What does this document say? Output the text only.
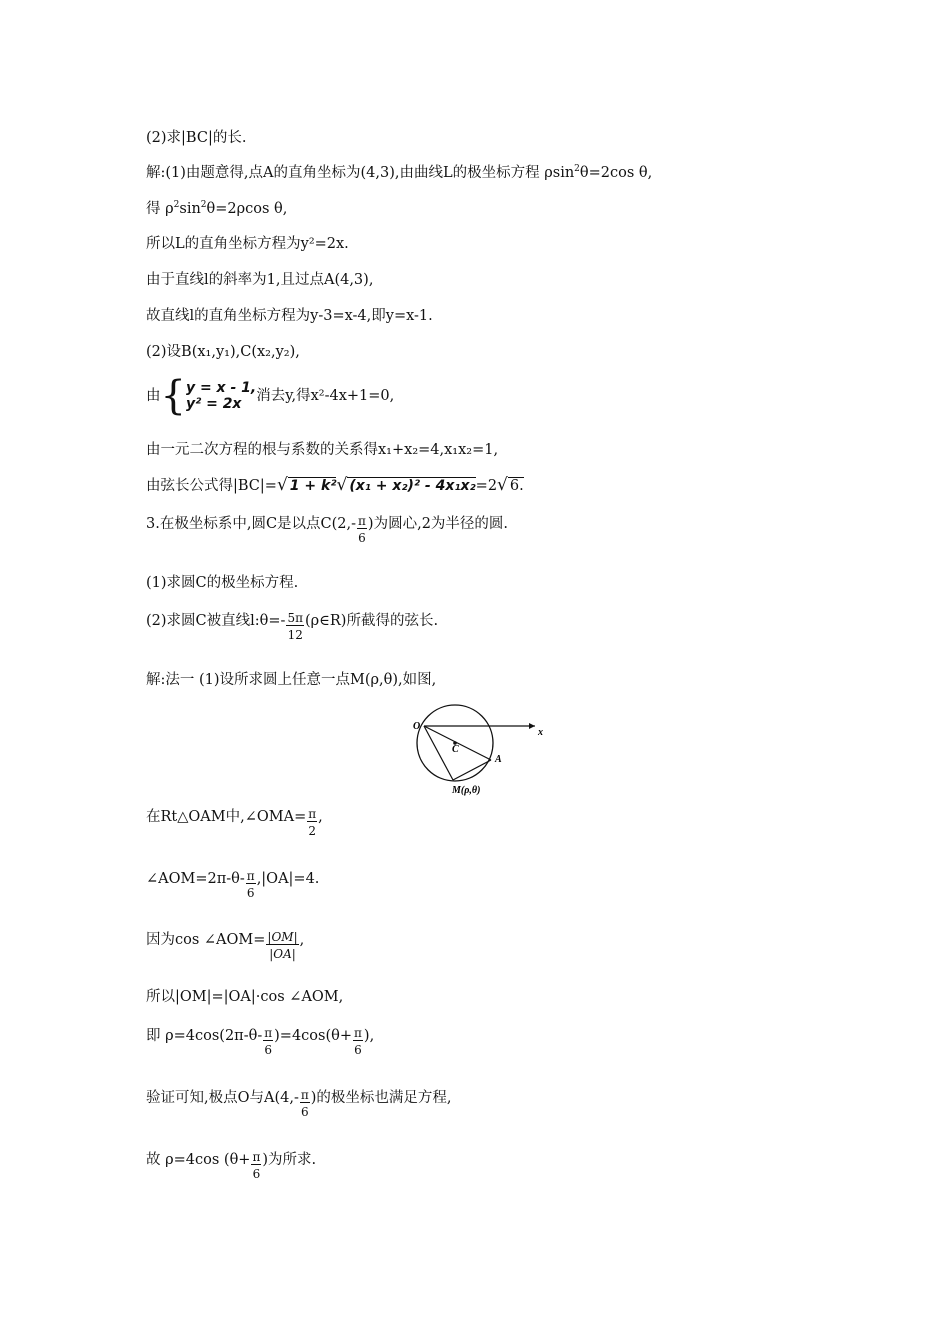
(2)求|BC|的长.
解:(1)由题意得,点A的直角坐标为(4,3),由曲线L的极坐标方程 ρsin$^2$θ=2cos θ,
得 $\rho^2\sin^2\theta=2\rho\cos$ θ,
所以L的直角坐标方程为y²=2x.
由于直线l的斜率为1,且过点A(4,3),
故直线l的直角坐标方程为y-3=x-4,即y=x-1.
(2)设B(x₁,y₁),C(x₂,y₂),
由{y = x - 1,
y² = 2x 消去y,得x²-4x+1=0,
由一元二次方程的根与系数的关系得x₁+x₂=4,x₁x₂=1,
由弦长公式得|BC|=√ 1 + k²√ (x₁ + x₂)² - 4x₁x₂=2√ 6.
3.在极坐标系中,圆C是以点$C(2,- \frac{\pi}{6}$ )为圆心,2为半径的圆.
(1)求圆C的极坐标方程.
(2)求圆C被直线l:θ=- $\frac{5\pi}{12}$ (ρ∈R)所截得的弦长.
解:法一 (1)设所求圆上任意一点M(ρ,θ),如图,
O
x
C
A
M(ρ,θ)
在Rt△OAM中,∠OMA= $\frac{\pi}{2}$ ,
∠AOM=2π-θ- $\frac{\pi}{6} ,|OA|=4$.
因为cos ∠AOM= $\frac{|OM|}{|OA|}$ ,
所以|OM|=|OA|·cos ∠AOM,
即 $\rho=4\cos(2\pi-\theta- \frac{\pi}{6} )=4\cos(\theta+ \frac{\pi}{6}$ ),
验证可知,极点O与$A(4,- \frac{\pi}{6}$ )的极坐标也满足方程,
故 ρ=4cos ($\theta+ \frac{\pi}{6}$ )为所求.
